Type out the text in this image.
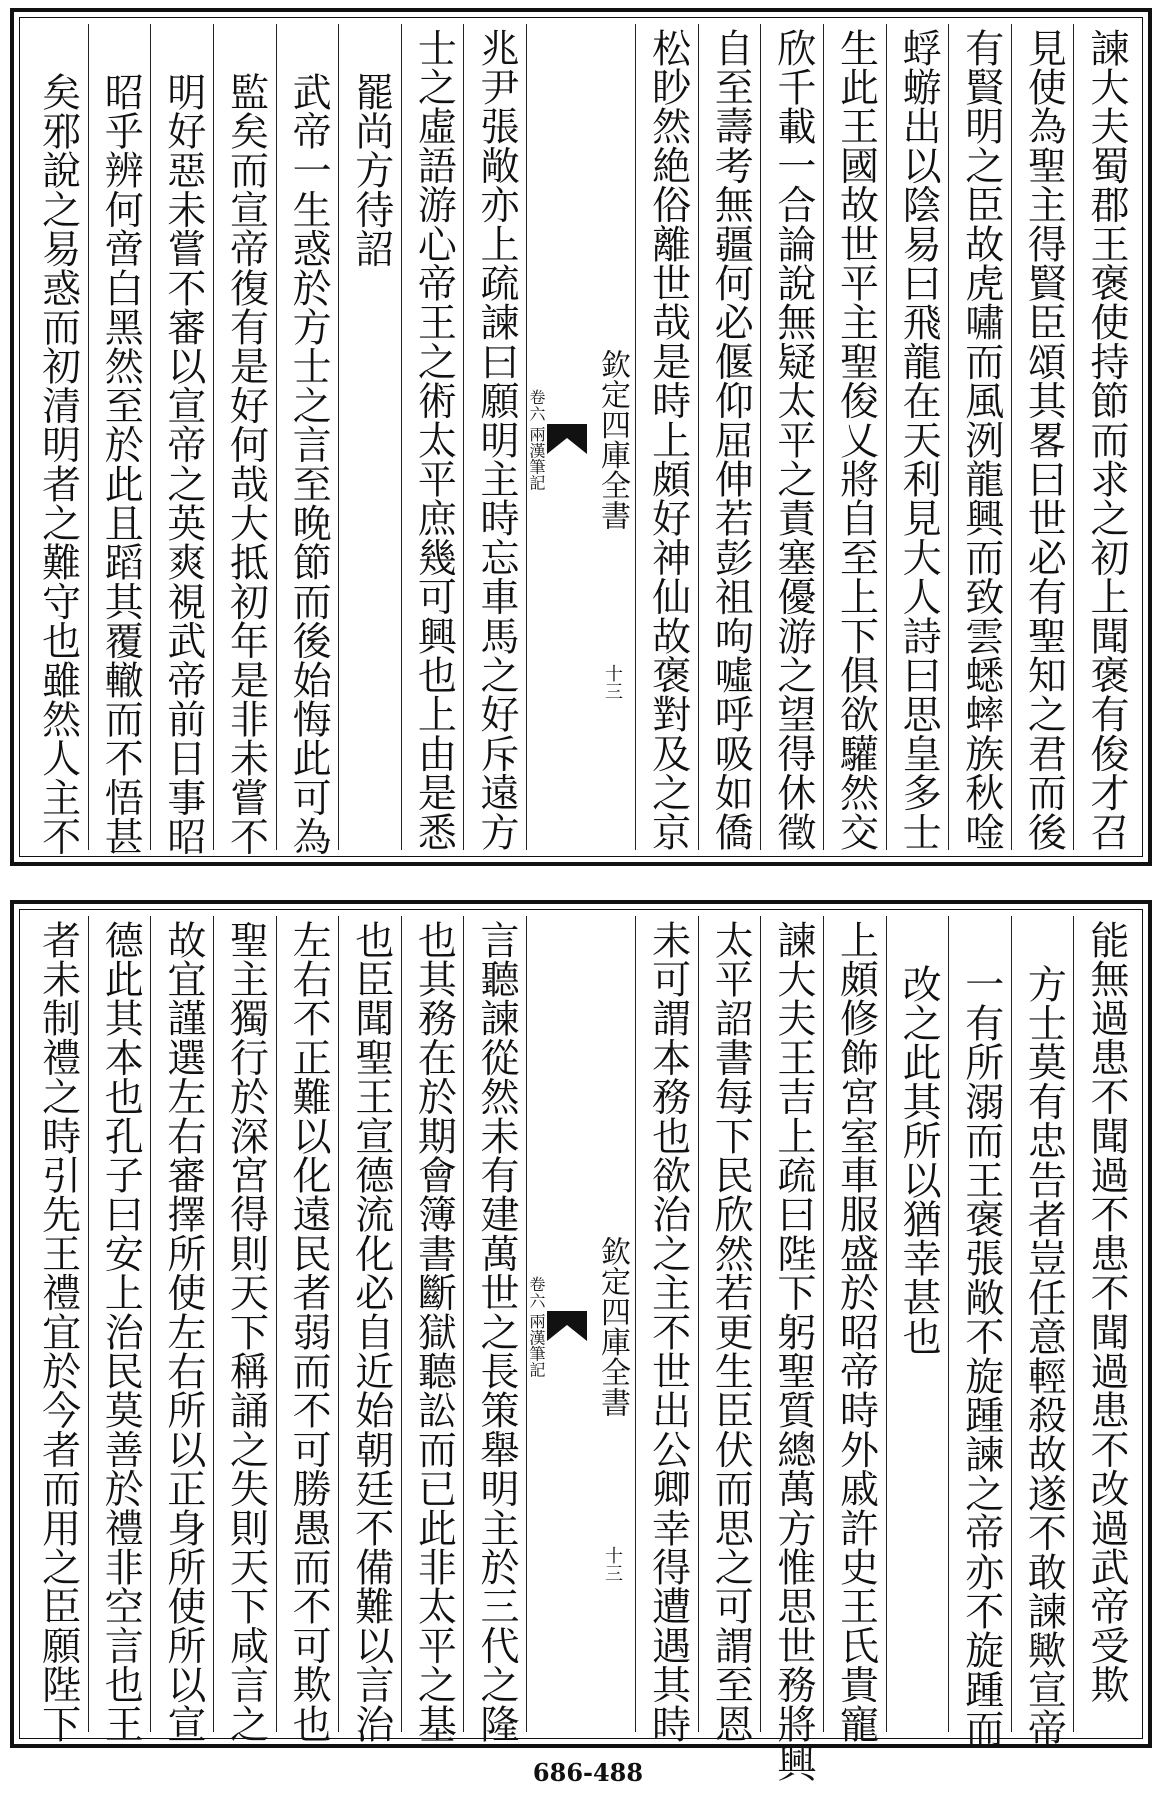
諫大夫蜀郡王褒使持節而求之初上聞褒有俊才召
見使為聖主得賢臣頌其畧曰世必有聖知之君而後
有賢明之臣故虎嘯而風洌龍興而致雲蟋蟀族秋唫
蜉蝣出以陰易曰飛龍在天利見大人詩曰思皇多士
生此王國故世平主聖俊乂將自至上下俱欲驩然交
欣千載一合論說無疑太平之責塞優游之望得休徵
自至壽考無疆何必偃仰屈伸若彭祖呴噓呼吸如僑
松眇然絶俗離世哉是時上頗好神仙故褒對及之京
欽定四庫全書
兩漢筆記
卷六
十三
兆尹張敞亦上疏諫曰願明主時忘車馬之好斥遠方
士之虛語游心帝王之術太平庶幾可興也上由是悉
罷尚方待詔
武帝一生惑於方士之言至晚節而後始悔此可為
監矣而宣帝復有是好何哉大抵初年是非未嘗不
明好惡未嘗不審以宣帝之英爽視武帝前日事昭
昭乎辨何啻白黑然至於此且蹈其覆轍而不悟甚
矣邪說之易惑而初清明者之難守也雖然人主不
能無過患不聞過不患不聞過患不改過武帝受欺
方士莫有忠告者豈任意輕殺故遂不敢諫歟宣帝
一有所溺而王褒張敞不旋踵諫之帝亦不旋踵而
改之此其所以猶幸甚也
上頗修飾宮室車服盛於昭帝時外戚許史王氏貴寵
諫大夫王吉上疏曰陛下躬聖質總萬方惟思世務將興
太平詔書每下民欣然若更生臣伏而思之可謂至恩
未可謂本務也欲治之主不世出公卿幸得遭遇其時
欽定四庫全書
兩漢筆記
卷六
十三
言聽諫從然未有建萬世之長策舉明主於三代之隆
也其務在於期會簿書斷獄聽訟而已此非太平之基
也臣聞聖王宣德流化必自近始朝廷不備難以言治
左右不正難以化遠民者弱而不可勝愚而不可欺也
聖主獨行於深宮得則天下稱誦之失則天下咸言之
故宜謹選左右審擇所使左右所以正身所使所以宣
德此其本也孔子曰安上治民莫善於禮非空言也王
者未制禮之時引先王禮宜於今者而用之臣願陛下
686-488
